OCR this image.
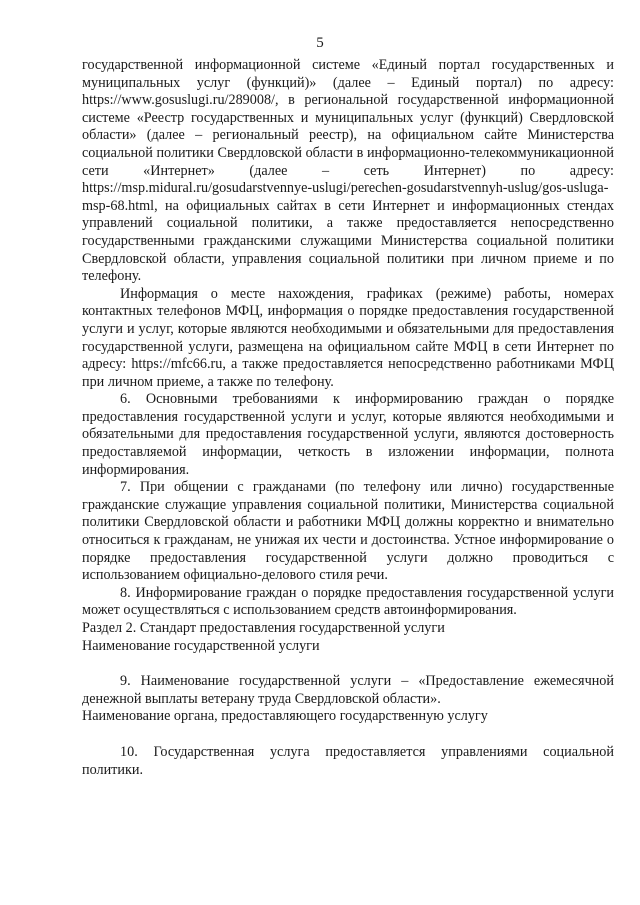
5

государственной информационной системе «Единый портал государственных и муниципальных услуг (функций)» (далее – Единый портал) по адресу: https://www.gosuslugi.ru/289008/, в региональной государственной информационной системе «Реестр государственных и муниципальных услуг (функций) Свердловской области» (далее – региональный реестр), на официальном сайте Министерства социальной политики Свердловской области в информационно-телекоммуникационной сети «Интернет» (далее – сеть Интернет) по адресу: https://msp.midural.ru/gosudarstvennye-uslugi/perechen-gosudarstvennyh-uslug/gos-usluga-msp-68.html, на официальных сайтах в сети Интернет и информационных стендах управлений социальной политики, а также предоставляется непосредственно государственными гражданскими служащими Министерства социальной политики Свердловской области, управления социальной политики при личном приеме и по телефону.

Информация о месте нахождения, графиках (режиме) работы, номерах контактных телефонов МФЦ, информация о порядке предоставления государственной услуги и услуг, которые являются необходимыми и обязательными для предоставления государственной услуги, размещена на официальном сайте МФЦ в сети Интернет по адресу: https://mfc66.ru, а также предоставляется непосредственно работниками МФЦ при личном приеме, а также по телефону.

6. Основными требованиями к информированию граждан о порядке предоставления государственной услуги и услуг, которые являются необходимыми и обязательными для предоставления государственной услуги, являются достоверность предоставляемой информации, четкость в изложении информации, полнота информирования.

7. При общении с гражданами (по телефону или лично) государственные гражданские служащие управления социальной политики, Министерства социальной политики Свердловской области и работники МФЦ должны корректно и внимательно относиться к гражданам, не унижая их чести и достоинства. Устное информирование о порядке предоставления государственной услуги должно проводиться с использованием официально-делового стиля речи.

8. Информирование граждан о порядке предоставления государственной услуги может осуществляться с использованием средств автоинформирования.

Раздел 2. Стандарт предоставления государственной услуги

Наименование государственной услуги

9. Наименование государственной услуги – «Предоставление ежемесячной денежной выплаты ветерану труда Свердловской области».

Наименование органа, предоставляющего государственную услугу

10. Государственная услуга предоставляется управлениями социальной политики.
